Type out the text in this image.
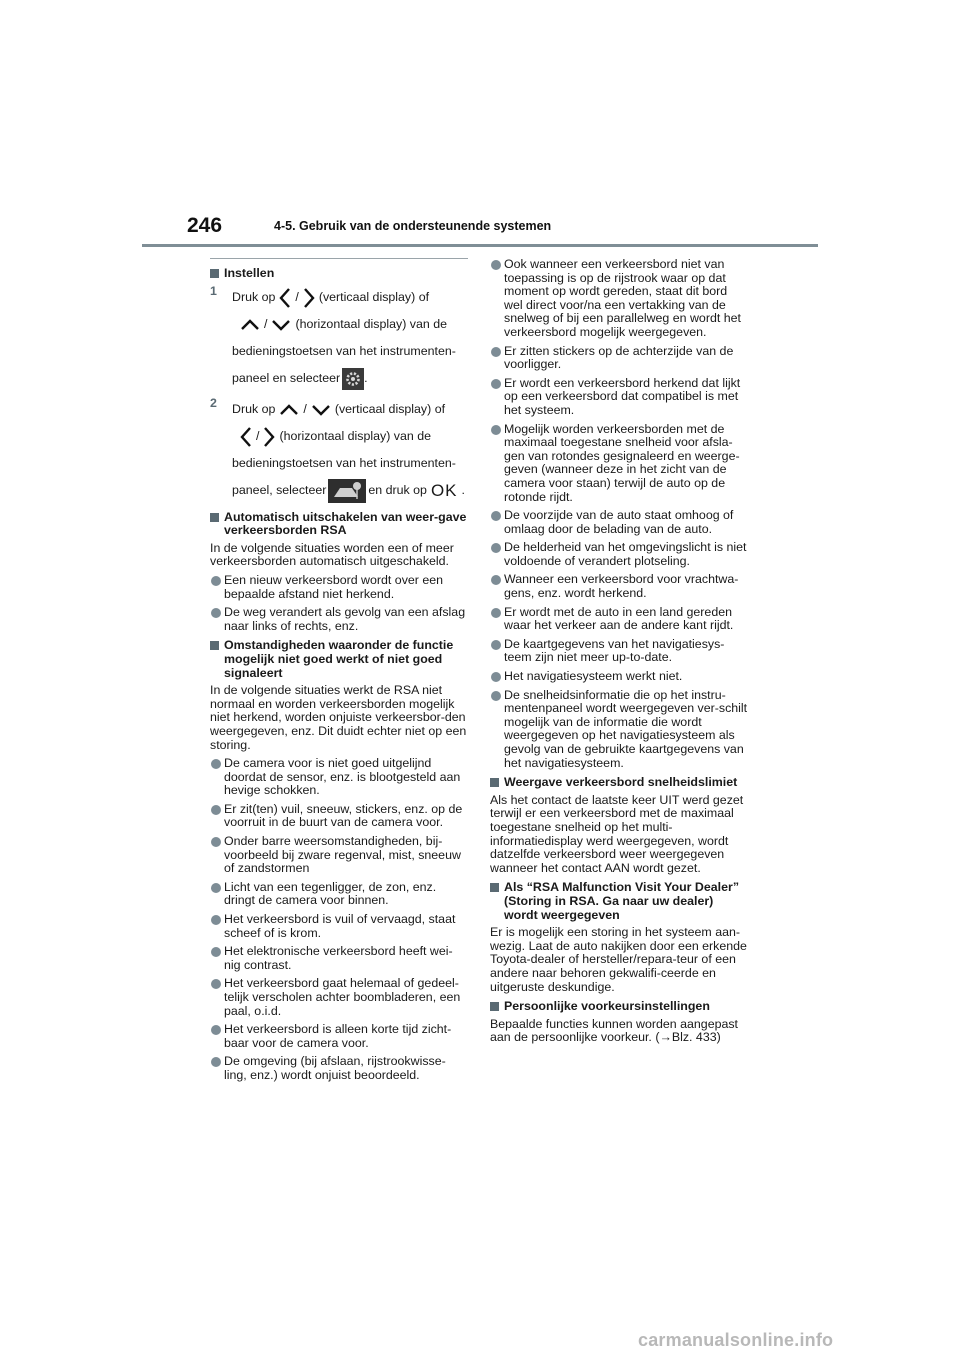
246	4-5. Gebruik van de ondersteunende systemen
Instellen
1 Druk op / (verticaal display) of
/ (horizontaal display) van de
bedieningstoetsen van het instrumenten-
paneel en selecteer .
2 Druk op / (verticaal display) of
/ (horizontaal display) van de
bedieningstoetsen van het instrumenten-
paneel, selecteer	en druk op OK .
Automatisch uitschakelen van weer-gave verkeersborden RSA
In de volgende situaties worden een of meer verkeersborden automatisch uitgeschakeld.
Een nieuw verkeersbord wordt over een bepaalde afstand niet herkend.
De weg verandert als gevolg van een afslag naar links of rechts, enz.
Omstandigheden waaronder de functie mogelijk niet goed werkt of niet goed signaleert
In de volgende situaties werkt de RSA niet normaal en worden verkeersborden mogelijk niet herkend, worden onjuiste verkeersbor-den weergegeven, enz. Dit duidt echter niet op een storing.
De camera voor is niet goed uitgelijnd doordat de sensor, enz. is blootgesteld aan hevige schokken.
Er zit(ten) vuil, sneeuw, stickers, enz. op de voorruit in de buurt van de camera voor.
Onder barre weersomstandigheden, bij-voorbeeld bij zware regenval, mist, sneeuw of zandstormen
Licht van een tegenligger, de zon, enz. dringt de camera voor binnen.
Het verkeersbord is vuil of vervaagd, staat scheef of is krom.
Het elektronische verkeersbord heeft wei-nig contrast.
Het verkeersbord gaat helemaal of gedeel-telijk verscholen achter boombladeren, een paal, o.i.d.
Het verkeersbord is alleen korte tijd zicht-baar voor de camera voor.
De omgeving (bij afslaan, rijstrookwisse-ling, enz.) wordt onjuist beoordeeld.
Ook wanneer een verkeersbord niet van toepassing is op de rijstrook waar op dat moment op wordt gereden, staat dit bord wel direct voor/na een vertakking van de snelweg of bij een parallelweg en wordt het verkeersbord mogelijk weergegeven.
Er zitten stickers op de achterzijde van de voorligger.
Er wordt een verkeersbord herkend dat lijkt op een verkeersbord dat compatibel is met het systeem.
Mogelijk worden verkeersborden met de maximaal toegestane snelheid voor afsla-gen van rotondes gesignaleerd en weerge-geven (wanneer deze in het zicht van de camera voor staan) terwijl de auto op de rotonde rijdt.
De voorzijde van de auto staat omhoog of omlaag door de belading van de auto.
De helderheid van het omgevingslicht is niet voldoende of verandert plotseling.
Wanneer een verkeersbord voor vrachtwa-gens, enz. wordt herkend.
Er wordt met de auto in een land gereden waar het verkeer aan de andere kant rijdt.
De kaartgegevens van het navigatiesys-teem zijn niet meer up-to-date.
Het navigatiesysteem werkt niet.
De snelheidsinformatie die op het instru-mentenpaneel wordt weergegeven ver-schilt mogelijk van de informatie die wordt weergegeven op het navigatiesysteem als gevolg van de gebruikte kaartgegevens van het navigatiesysteem.
Weergave verkeersbord snelheidslimiet
Als het contact de laatste keer UIT werd gezet terwijl er een verkeersbord met de maximaal toegestane snelheid op het multi-informatiedisplay werd weergegeven, wordt datzelfde verkeersbord weer weergegeven wanneer het contact AAN wordt gezet.
Als “RSA Malfunction Visit Your Dealer” (Storing in RSA. Ga naar uw dealer) wordt weergegeven
Er is mogelijk een storing in het systeem aan-wezig. Laat de auto nakijken door een erkende Toyota-dealer of hersteller/repara-teur of een andere naar behoren gekwalifi-ceerde en uitgeruste deskundige.
Persoonlijke voorkeursinstellingen
Bepaalde functies kunnen worden aangepast aan de persoonlijke voorkeur. (→Blz. 433)
carmanualsonline.info
